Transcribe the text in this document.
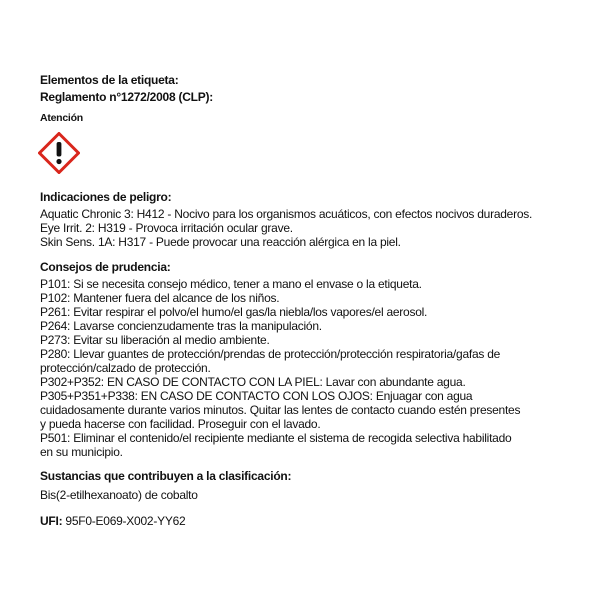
Elementos de la etiqueta:
Reglamento n°1272/2008 (CLP):
Atención
Indicaciones de peligro:
Aquatic Chronic 3: H412 - Nocivo para los organismos acuáticos, con efectos nocivos duraderos.
Eye Irrit. 2: H319 - Provoca irritación ocular grave.
Skin Sens. 1A: H317 - Puede provocar una reacción alérgica en la piel.
Consejos de prudencia:
P101: Si se necesita consejo médico, tener a mano el envase o la etiqueta.
P102: Mantener fuera del alcance de los niños.
P261: Evitar respirar el polvo/el humo/el gas/la niebla/los vapores/el aerosol.
P264: Lavarse concienzudamente tras la manipulación.
P273: Evitar su liberación al medio ambiente.
P280: Llevar guantes de protección/prendas de protección/protección respiratoria/gafas de
protección/calzado de protección.
P302+P352: EN CASO DE CONTACTO CON LA PIEL: Lavar con abundante agua.
P305+P351+P338: EN CASO DE CONTACTO CON LOS OJOS: Enjuagar con agua
cuidadosamente durante varios minutos. Quitar las lentes de contacto cuando estén presentes
y pueda hacerse con facilidad. Proseguir con el lavado.
P501: Eliminar el contenido/el recipiente mediante el sistema de recogida selectiva habilitado
en su municipio.
Sustancias que contribuyen a la clasificación:
Bis(2-etilhexanoato) de cobalto
UFI: 95F0-E069-X002-YY62
